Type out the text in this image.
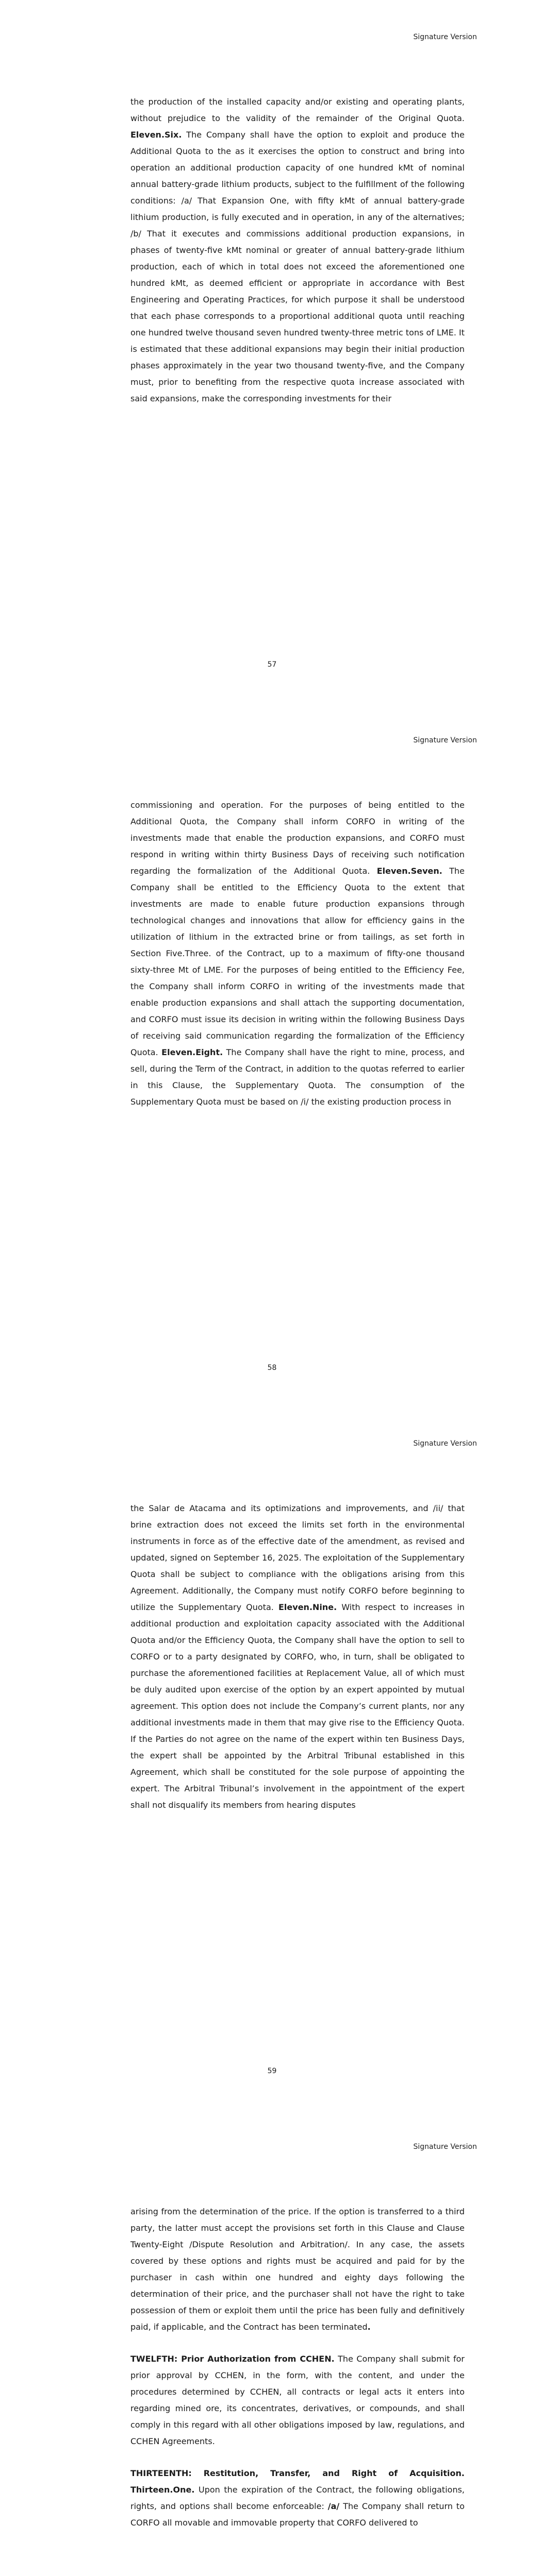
Signature Version

the production of the installed capacity and/or existing and operating plants, without prejudice to the validity of the remainder of the Original Quota. Eleven.Six. The Company shall have the option to exploit and produce the Additional Quota to the as it exercises the option to construct and bring into operation an additional production capacity of one hundred kMt of nominal annual battery-grade lithium products, subject to the fulfillment of the following conditions: /a/ That Expansion One, with fifty kMt of annual battery-grade lithium production, is fully executed and in operation, in any of the alternatives; /b/ That it executes and commissions additional production expansions, in phases of twenty-five kMt nominal or greater of annual battery-grade lithium production, each of which in total does not exceed the aforementioned one hundred kMt, as deemed efficient or appropriate in accordance with Best Engineering and Operating Practices, for which purpose it shall be understood that each phase corresponds to a proportional additional quota until reaching one hundred twelve thousand seven hundred twenty-three metric tons of LME. It is estimated that these additional expansions may begin their initial production phases approximately in the year two thousand twenty-five, and the Company must, prior to benefiting from the respective quota increase associated with said expansions, make the corresponding investments for their

57
Signature Version

commissioning and operation. For the purposes of being entitled to the Additional Quota, the Company shall inform CORFO in writing of the investments made that enable the production expansions, and CORFO must respond in writing within thirty Business Days of receiving such notification regarding the formalization of the Additional Quota. Eleven.Seven. The Company shall be entitled to the Efficiency Quota to the extent that investments are made to enable future production expansions through technological changes and innovations that allow for efficiency gains in the utilization of lithium in the extracted brine or from tailings, as set forth in Section Five.Three. of the Contract, up to a maximum of fifty-one thousand sixty-three Mt of LME. For the purposes of being entitled to the Efficiency Fee, the Company shall inform CORFO in writing of the investments made that enable production expansions and shall attach the supporting documentation, and CORFO must issue its decision in writing within the following Business Days of receiving said communication regarding the formalization of the Efficiency Quota. Eleven.Eight. The Company shall have the right to mine, process, and sell, during the Term of the Contract, in addition to the quotas referred to earlier in this Clause, the Supplementary Quota. The consumption of the Supplementary Quota must be based on /i/ the existing production process in

58
Signature Version

the Salar de Atacama and its optimizations and improvements, and /ii/ that brine extraction does not exceed the limits set forth in the environmental instruments in force as of the effective date of the amendment, as revised and updated, signed on September 16, 2025. The exploitation of the Supplementary Quota shall be subject to compliance with the obligations arising from this Agreement. Additionally, the Company must notify CORFO before beginning to utilize the Supplementary Quota. Eleven.Nine. With respect to increases in additional production and exploitation capacity associated with the Additional Quota and/or the Efficiency Quota, the Company shall have the option to sell to CORFO or to a party designated by CORFO, who, in turn, shall be obligated to purchase the aforementioned facilities at Replacement Value, all of which must be duly audited upon exercise of the option by an expert appointed by mutual agreement. This option does not include the Company’s current plants, nor any additional investments made in them that may give rise to the Efficiency Quota. If the Parties do not agree on the name of the expert within ten Business Days, the expert shall be appointed by the Arbitral Tribunal established in this Agreement, which shall be constituted for the sole purpose of appointing the expert. The Arbitral Tribunal’s involvement in the appointment of the expert shall not disqualify its members from hearing disputes

59
Signature Version

arising from the determination of the price. If the option is transferred to a third party, the latter must accept the provisions set forth in this Clause and Clause Twenty-Eight /Dispute Resolution and Arbitration/. In any case, the assets covered by these options and rights must be acquired and paid for by the purchaser in cash within one hundred and eighty days following the determination of their price, and the purchaser shall not have the right to take possession of them or exploit them until the price has been fully and definitively paid, if applicable, and the Contract has been terminated.

TWELFTH: Prior Authorization from CCHEN. The Company shall submit for prior approval by CCHEN, in the form, with the content, and under the procedures determined by CCHEN, all contracts or legal acts it enters into regarding mined ore, its concentrates, derivatives, or compounds, and shall comply in this regard with all other obligations imposed by law, regulations, and CCHEN Agreements.

THIRTEENTH: Restitution, Transfer, and Right of Acquisition. Thirteen.One. Upon the expiration of the Contract, the following obligations, rights, and options shall become enforceable: /a/ The Company shall return to CORFO all movable and immovable property that CORFO delivered to
